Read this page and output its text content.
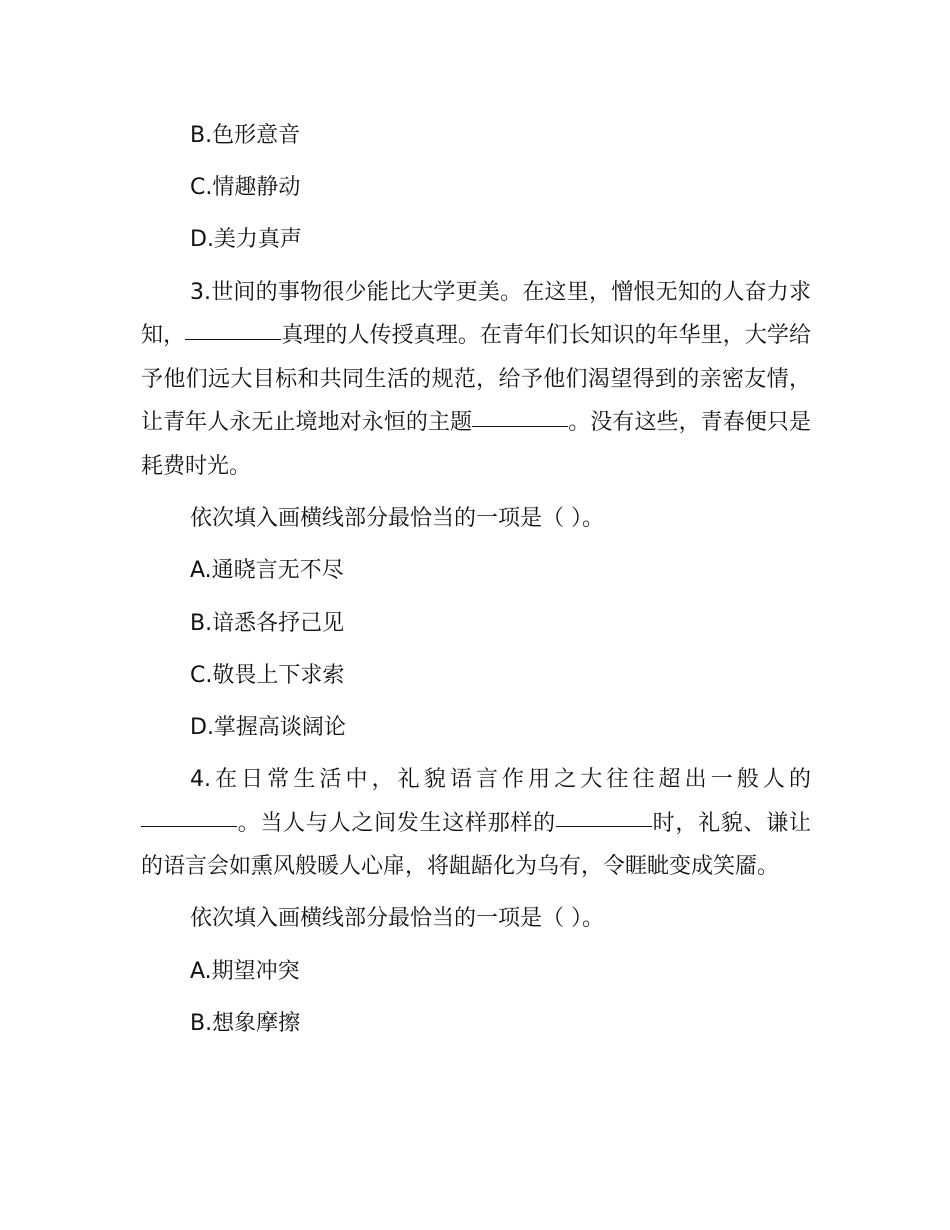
B.色形意音
C.情趣静动
D.美力真声
3.世间的事物很少能比大学更美。在这里，憎恨无知的人奋力求知，	真理的人传授真理。在青年们长知识的年华里，大学给予他们远大目标和共同生活的规范，给予他们渴望得到的亲密友情，让青年人永无止境地对永恒的主题	。没有这些，青春便只是耗费时光。
依次填入画横线部分最恰当的一项是（ ）。
A.通晓言无不尽
B.谙悉各抒己见
C.敬畏上下求索
D.掌握高谈阔论
4.在日常生活中，礼貌语言作用之大往往超出一般人的。当人与人之间发生这样那样的	时，礼貌、谦让的语言会如熏风般暖人心扉，将龃龉化为乌有，令睚眦变成笑靥。
依次填入画横线部分最恰当的一项是（ ）。
A.期望冲突
B.想象摩擦
